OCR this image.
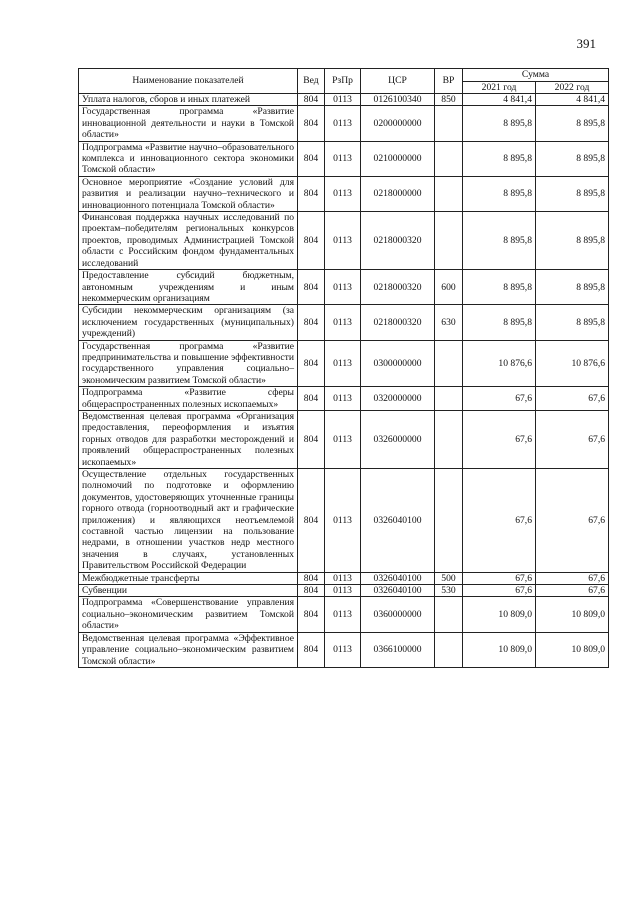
391
Наименование показателей	Вед	РзПр	ЦСР	ВР	Сумма	
					2021 год	2022 год
Уплата налогов, сборов и иных платежей	804	0113	0126100340	850	4 841,4	4 841,4
Государственная программа «Развитие инновационной деятельности и науки в Томской области»	804	0113	0200000000		8 895,8	8 895,8
Подпрограмма «Развитие научно–образовательного комплекса и инновационного сектора экономики Томской области»	804	0113	0210000000		8 895,8	8 895,8
Основное мероприятие «Создание условий для развития и реализации научно–технического и инновационного потенциала Томской области»	804	0113	0218000000		8 895,8	8 895,8
Финансовая поддержка научных исследований по проектам–победителям региональных конкурсов проектов, проводимых Администрацией Томской области с Российским фондом фундаментальных исследований	804	0113	0218000320		8 895,8	8 895,8
Предоставление субсидий бюджетным, автономным учреждениям и иным некоммерческим организациям	804	0113	0218000320	600	8 895,8	8 895,8
Субсидии некоммерческим организациям (за исключением государственных (муниципальных) учреждений)	804	0113	0218000320	630	8 895,8	8 895,8
Государственная программа «Развитие предпринимательства и повышение эффективности государственного управления социально–экономическим развитием Томской области»	804	0113	0300000000		10 876,6	10 876,6
Подпрограмма «Развитие сферы общераспространенных полезных ископаемых»	804	0113	0320000000		67,6	67,6
Ведомственная целевая программа «Организация предоставления, переоформления и изъятия горных отводов для разработки месторождений и проявлений общераспространенных полезных ископаемых»	804	0113	0326000000		67,6	67,6
Осуществление отдельных государственных полномочий по подготовке и оформлению документов, удостоверяющих уточненные границы горного отвода (горноотводный акт и графические приложения) и являющихся неотъемлемой составной частью лицензии на пользование недрами, в отношении участков недр местного значения в случаях, установленных Правительством Российской Федерации	804	0113	0326040100		67,6	67,6
Межбюджетные трансферты	804	0113	0326040100	500	67,6	67,6
Субвенции	804	0113	0326040100	530	67,6	67,6
Подпрограмма «Совершенствование управления социально–экономическим развитием Томской области»	804	0113	0360000000		10 809,0	10 809,0
Ведомственная целевая программа «Эффективное управление социально–экономическим развитием Томской области»	804	0113	0366100000		10 809,0	10 809,0
